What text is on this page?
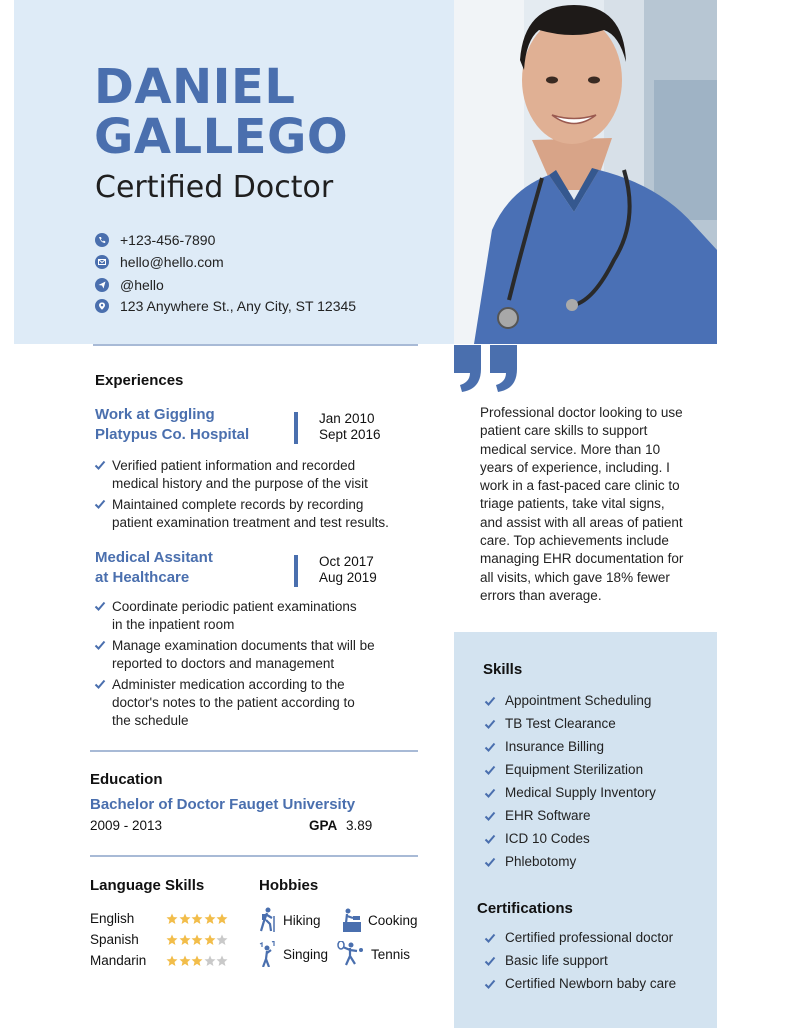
DANIEL
GALLEGO
Certified Doctor
+123-456-7890
hello@hello.com
@hello
123 Anywhere St., Any City, ST 12345
Experiences
Work at Giggling
Platypus Co. Hospital
Jan 2010
Sept 2016
Verified patient information and recorded
medical history and the purpose of the visit
Maintained complete records by recording
patient examination treatment and test results.
Medical Assitant
at Healthcare
Oct 2017
Aug 2019
Coordinate periodic patient examinations
in the inpatient room
Manage examination documents that will be
reported to doctors and management
Administer medication according to the
doctor's notes to the patient according to
the schedule
Education
Bachelor of Doctor Fauget University
2009 - 2013	GPA 3.89
Language Skills
English
Spanish
Mandarin
Hobbies
Hiking	Cooking
Singing	Tennis
Professional doctor looking to use
patient care skills to support
medical service. More than 10
years of experience, including. I
work in a fast-paced care clinic to
triage patients, take vital signs,
and assist with all areas of patient
care. Top achievements include
managing EHR documentation for
all visits, which gave 18% fewer
errors than average.
Skills
Appointment Scheduling
TB Test Clearance
Insurance Billing
Equipment Sterilization
Medical Supply Inventory
EHR Software
ICD 10 Codes
Phlebotomy
Certifications
Certified professional doctor
Basic life support
Certified Newborn baby care
